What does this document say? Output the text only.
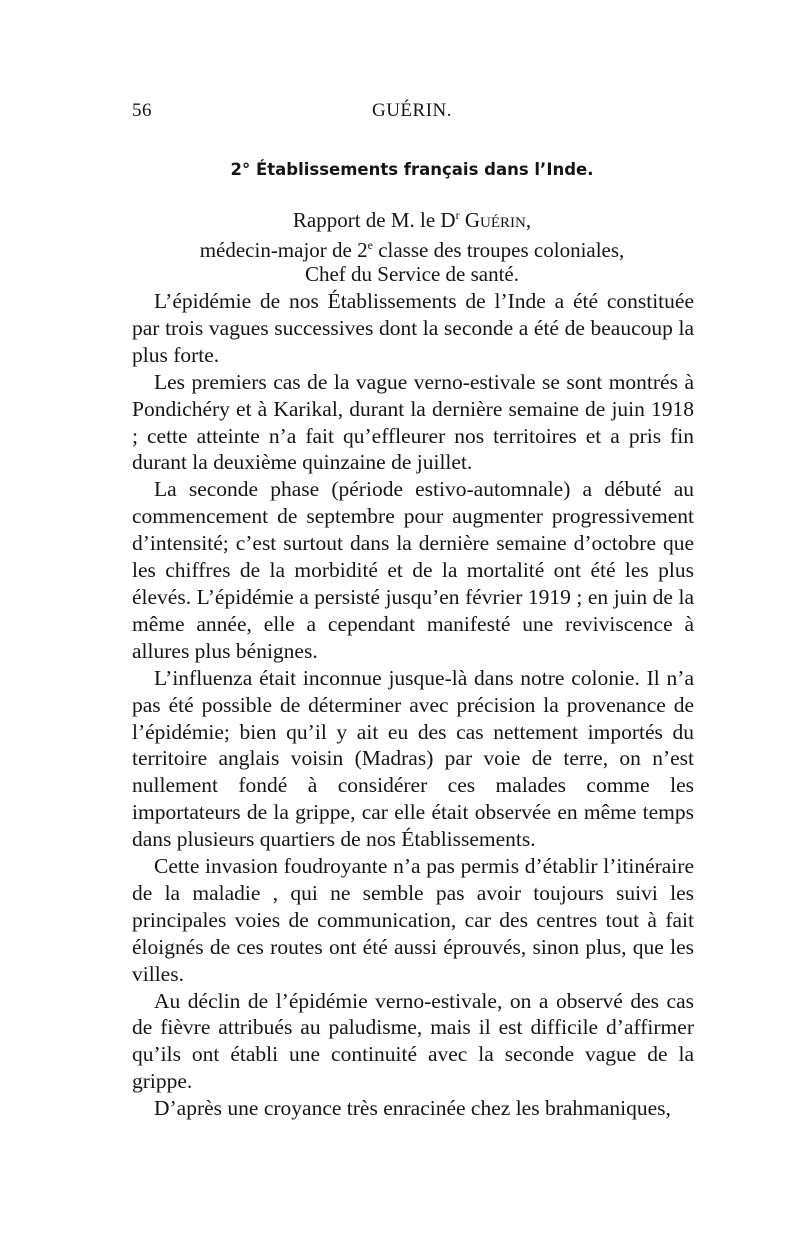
56	GUÉRIN.
2° Établissements français dans l’Inde.
Rapport de M. le $D^r$ Guérin,
médecin-major de 2e classe des troupes coloniales,
Chef du Service de santé.

L’épidémie de nos Établissements de l’Inde a été constituée par trois vagues successives dont la seconde a été de beaucoup la plus forte.

Les premiers cas de la vague verno-estivale se sont montrés à Pondichéry et à Karikal, durant la dernière semaine de juin 1918 ; cette atteinte n’a fait qu’effleurer nos territoires et a pris fin durant la deuxième quinzaine de juillet.

La seconde phase (période estivo-automnale) a débuté au commencement de septembre pour augmenter progressivement d’intensité; c’est surtout dans la dernière semaine d’octobre que les chiffres de la morbidité et de la mortalité ont été les plus élevés. L’épidémie a persisté jusqu’en février 1919 ; en juin de la même année, elle a cependant manifesté une reviviscence à allures plus bénignes.

L’influenza était inconnue jusque-là dans notre colonie. Il n’a pas été possible de déterminer avec précision la provenance de l’épidémie; bien qu’il y ait eu des cas nettement importés du territoire anglais voisin (Madras) par voie de terre, on n’est nullement fondé à considérer ces malades comme les importateurs de la grippe, car elle était observée en même temps dans plusieurs quartiers de nos Établissements.

Cette invasion foudroyante n’a pas permis d’établir l’itinéraire de la maladie , qui ne semble pas avoir toujours suivi les principales voies de communication, car des centres tout à fait éloignés de ces routes ont été aussi éprouvés, sinon plus, que les villes.

Au déclin de l’épidémie verno-estivale, on a observé des cas de fièvre attribués au paludisme, mais il est difficile d’affirmer qu’ils ont établi une continuité avec la seconde vague de la grippe.

D’après une croyance très enracinée chez les brahmaniques,
